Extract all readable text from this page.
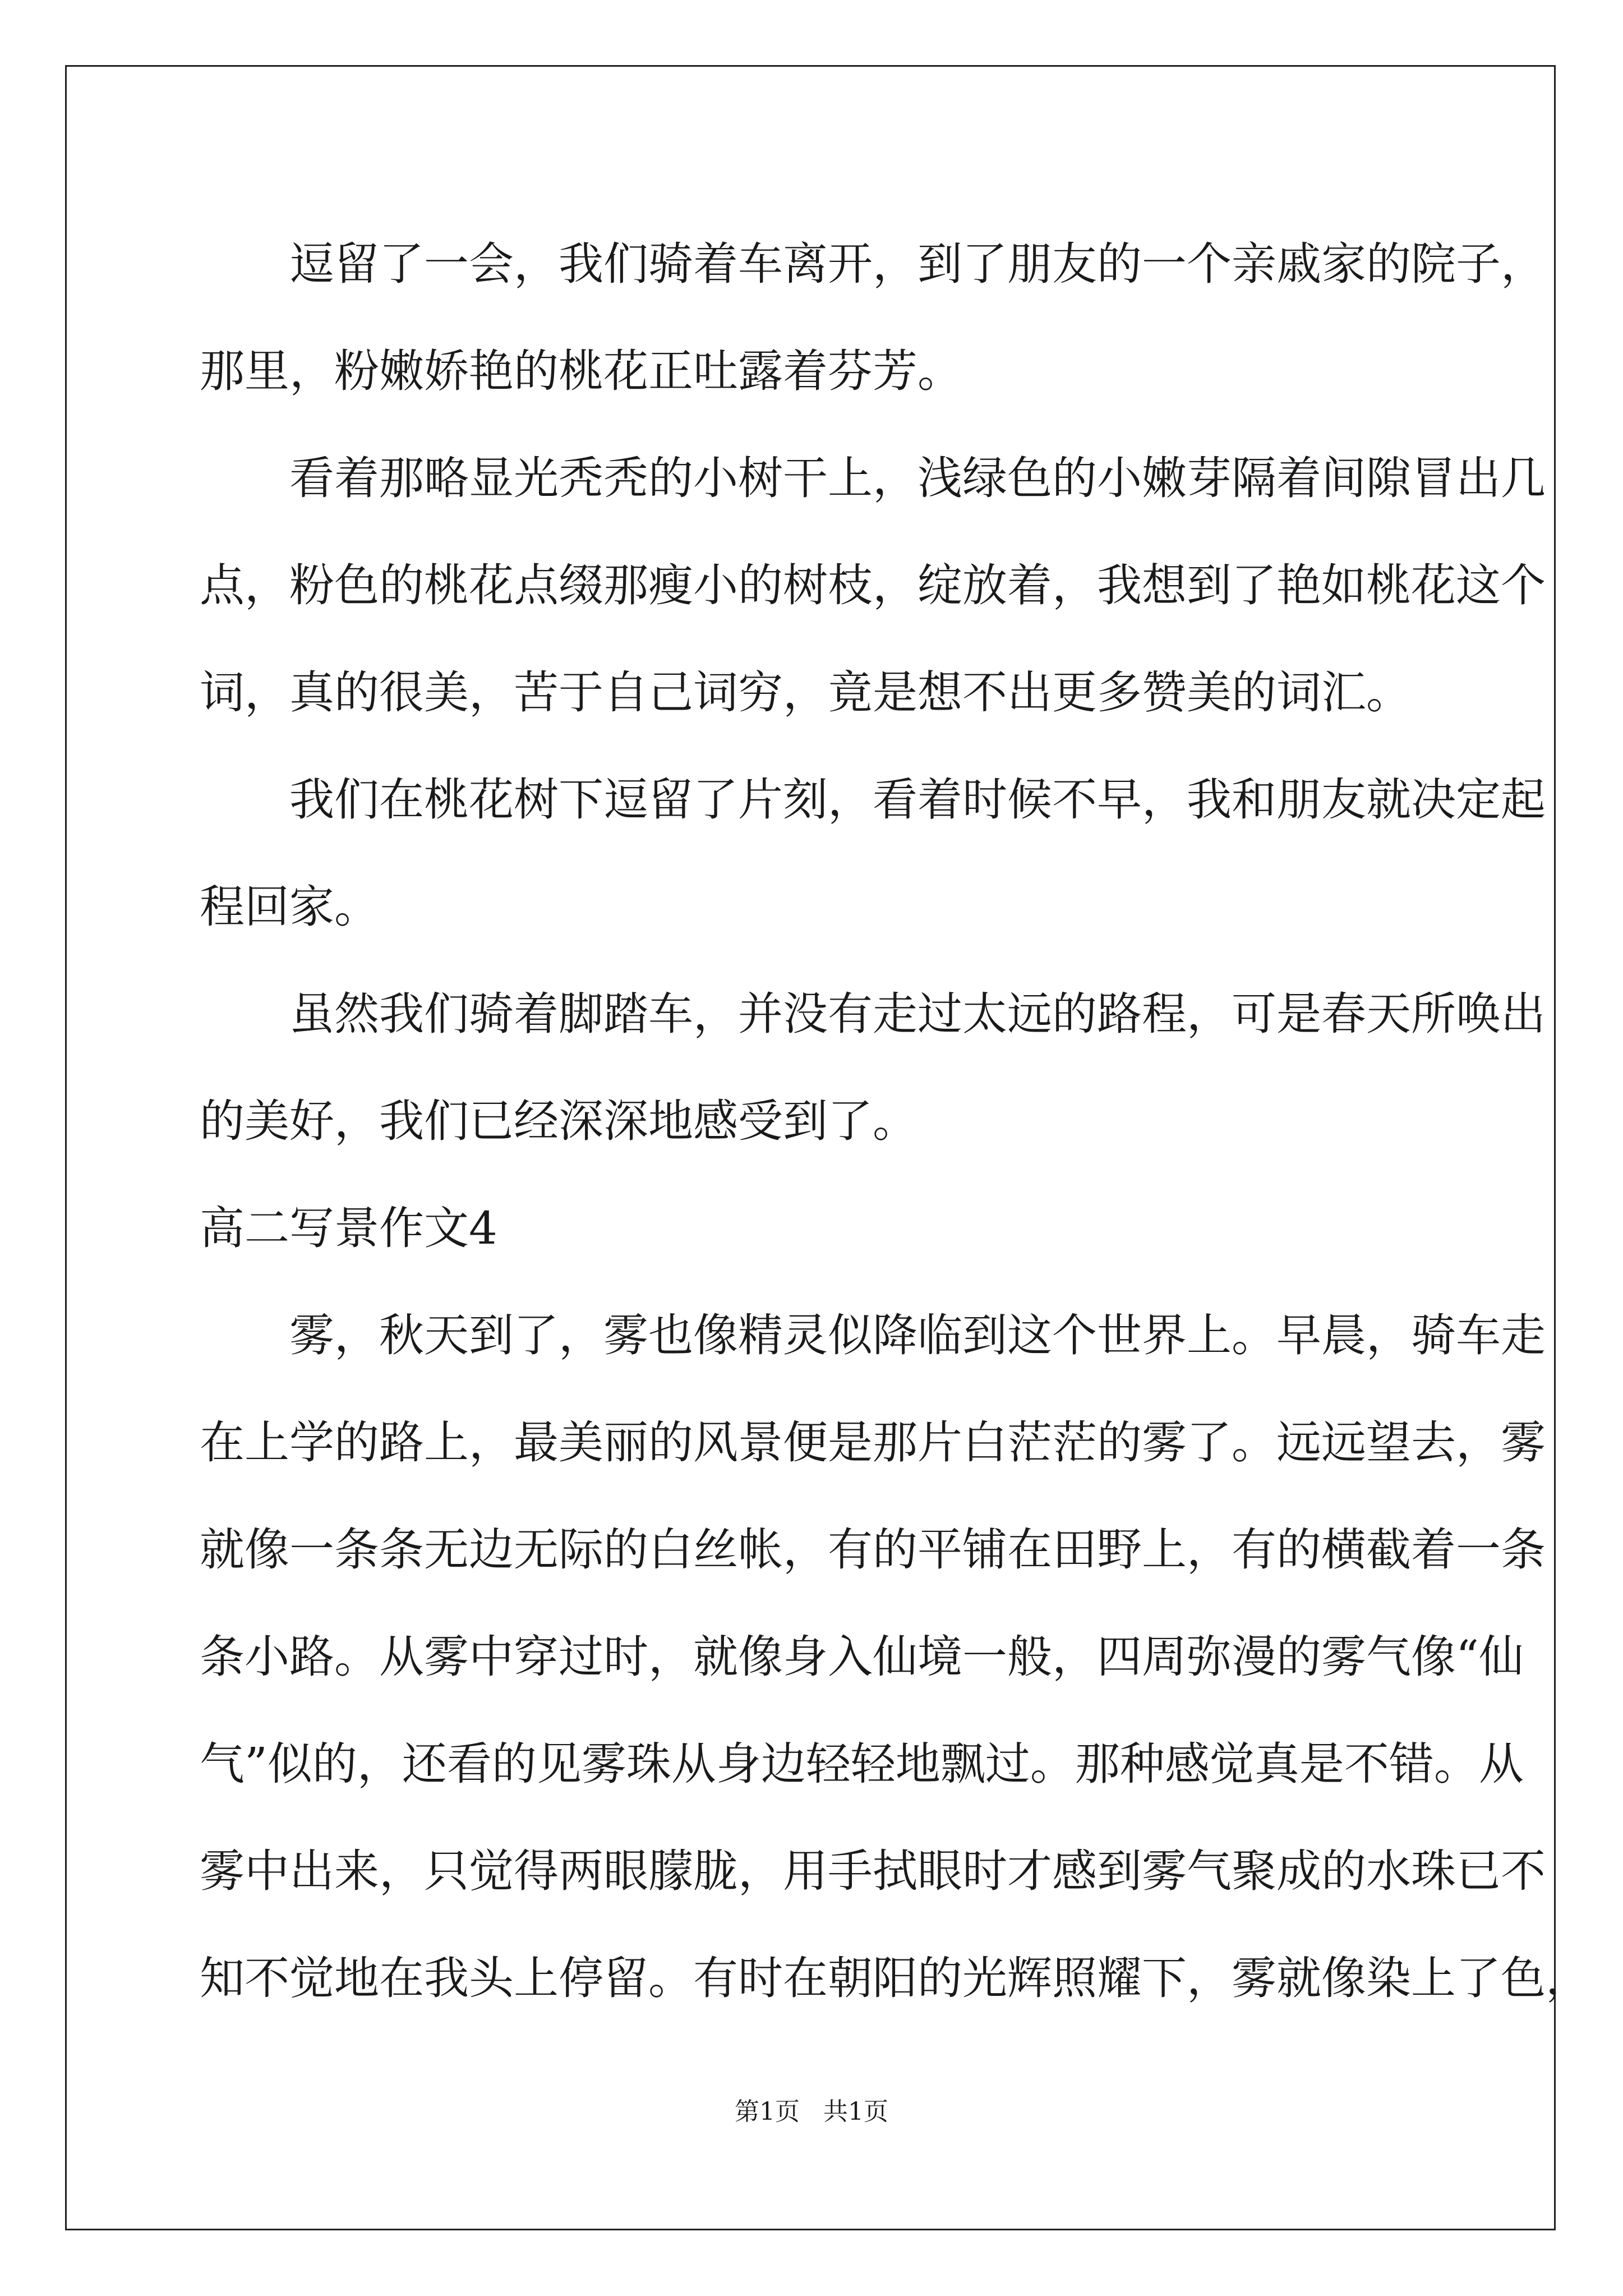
逗留了一会，我们骑着车离开，到了朋友的一个亲戚家的院子，
那里，粉嫩娇艳的桃花正吐露着芬芳。

看着那略显光秃秃的小树干上，浅绿色的小嫩芽隔着间隙冒出几
点，粉色的桃花点缀那瘦小的树枝，绽放着，我想到了艳如桃花这个
词，真的很美，苦于自己词穷，竟是想不出更多赞美的词汇。

我们在桃花树下逗留了片刻，看着时候不早，我和朋友就决定起
程回家。

虽然我们骑着脚踏车，并没有走过太远的路程，可是春天所唤出
的美好，我们已经深深地感受到了。

高二写景作文4

雾，秋天到了，雾也像精灵似降临到这个世界上。早晨，骑车走
在上学的路上，最美丽的风景便是那片白茫茫的雾了。远远望去，雾
就像一条条无边无际的白丝帐，有的平铺在田野上，有的横截着一条
条小路。从雾中穿过时，就像身入仙境一般，四周弥漫的雾气像“仙
气”似的，还看的见雾珠从身边轻轻地飘过。那种感觉真是不错。从
雾中出来，只觉得两眼朦胧，用手拭眼时才感到雾气聚成的水珠已不
知不觉地在我头上停留。有时在朝阳的光辉照耀下，雾就像染上了色，

第1页   共1页
